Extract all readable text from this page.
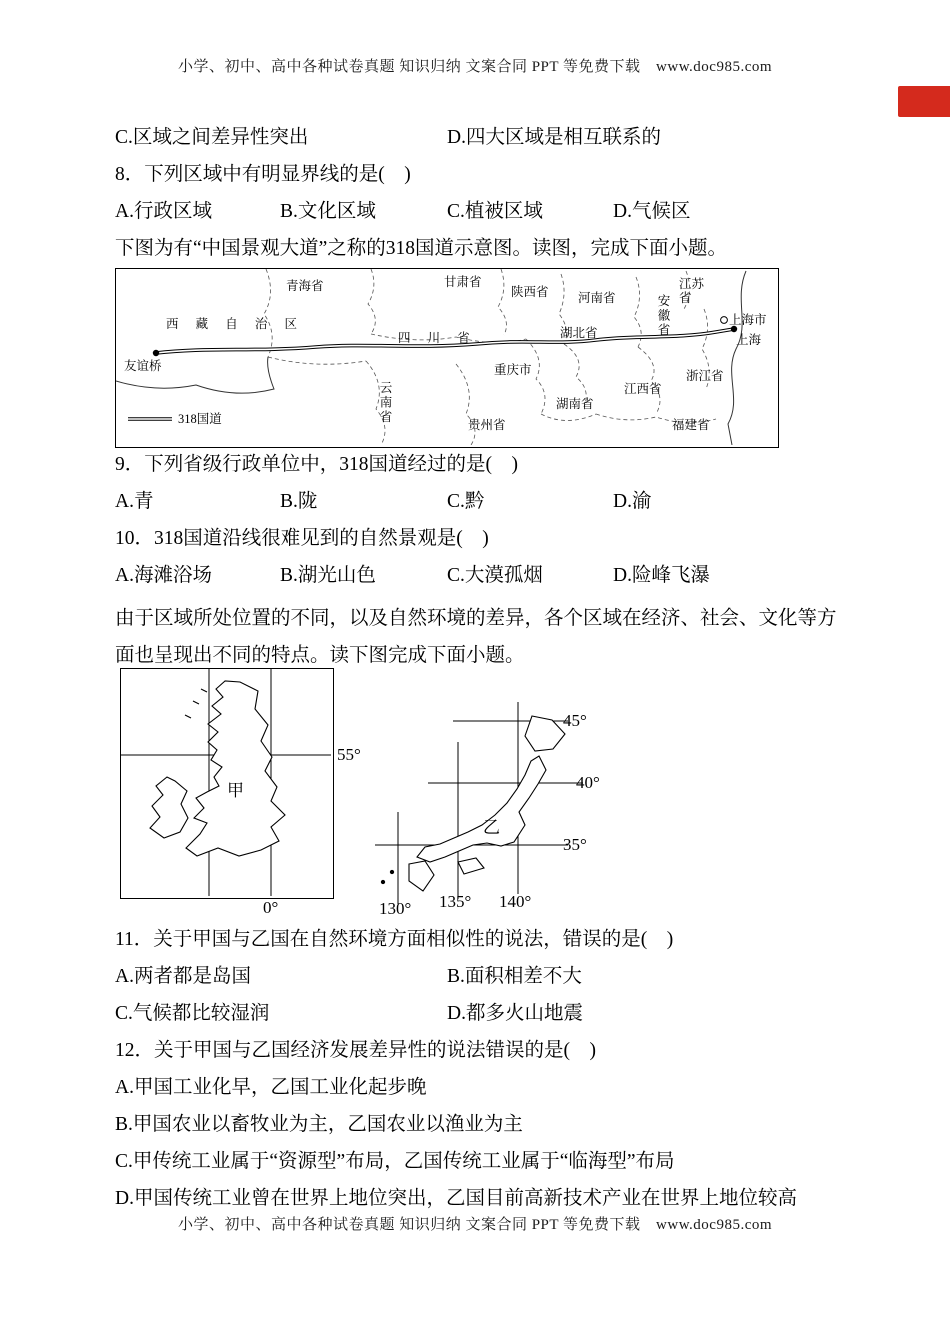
小学、初中、高中各种试卷真题 知识归纳 文案合同 PPT 等免费下载　www.doc985.com
C.区域之间差异性突出	D.四大区域是相互联系的
8．下列区域中有明显界线的是(　)
A.行政区域	B.文化区域	C.植被区域	D.气候区
下图为有“中国景观大道”之称的318国道示意图。读图，完成下面小题。
青海省	甘肃省
陕西省 河南省
江苏省
西 藏 自 治 区
四 川 省	湖北省	安徽省	上海市
上海
重庆市	浙江省
云南省	江西省
湖南省
贵州省	福建省
友谊桥
318国道
9．下列省级行政单位中，318国道经过的是(　)
A.青	B.陇	C.黔	D.渝
10．318国道沿线很难见到的自然景观是(　)
A.海滩浴场	B.湖光山色	C.大漠孤烟	D.险峰飞瀑
由于区域所处位置的不同，以及自然环境的差异，各个区域在经济、社会、文化等方面也呈现出不同的特点。读下图完成下面小题。
55°
0°
甲
45°
40°
35°
130° 135° 140°
乙
11．关于甲国与乙国在自然环境方面相似性的说法，错误的是(　)
A.两者都是岛国	B.面积相差不大
C.气候都比较湿润	D.都多火山地震
12．关于甲国与乙国经济发展差异性的说法错误的是(　)
A.甲国工业化早，乙国工业化起步晚
B.甲国农业以畜牧业为主，乙国农业以渔业为主
C.甲传统工业属于“资源型”布局，乙国传统工业属于“临海型”布局
D.甲国传统工业曾在世界上地位突出，乙国目前高新技术产业在世界上地位较高
小学、初中、高中各种试卷真题 知识归纳 文案合同 PPT 等免费下载　www.doc985.com
